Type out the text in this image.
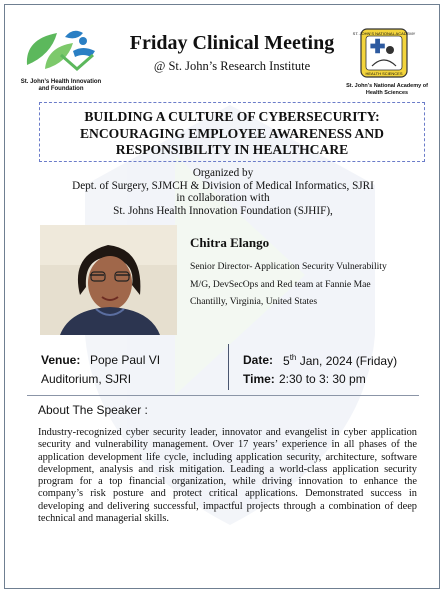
St. John’s Health Innovation and Foundation
ST. JOHN’S NATIONAL ACADEMY
HEALTH SCIENCES
St. John’s National Academy of Health Sciences
Friday Clinical Meeting
@ St. John’s Research Institute
BUILDING A CULTURE OF CYBERSECURITY:
ENCOURAGING EMPLOYEE AWARENESS AND
RESPONSIBILITY IN HEALTHCARE
Organized by
Dept. of Surgery, SJMCH & Division of Medical Informatics, SJRI
in collaboration with
St. Johns Health Innovation Foundation (SJHIF),
Chitra Elango
Senior Director- Application Security Vulnerability
M/G, DevSecOps and Red team at Fannie Mae
Chantilly, Virginia, United States
Venue: Pope Paul VI
Auditorium, SJRI
Date: 5th Jan, 2024 (Friday)
Time: 2:30 to 3: 30 pm
About The Speaker :
Industry-recognized cyber security leader, innovator and evangelist in cyber application security and vulnerability management. Over 17 years’ experience in all phases of the application development life cycle, including application security, architecture, software development, analysis and risk mitigation. Leading a world-class application security program for a top financial organization, while driving innovation to enhance the company’s risk posture and protect critical applications. Demonstrated success in developing and delivering successful, impactful projects through a combination of deep technical and managerial skills.
